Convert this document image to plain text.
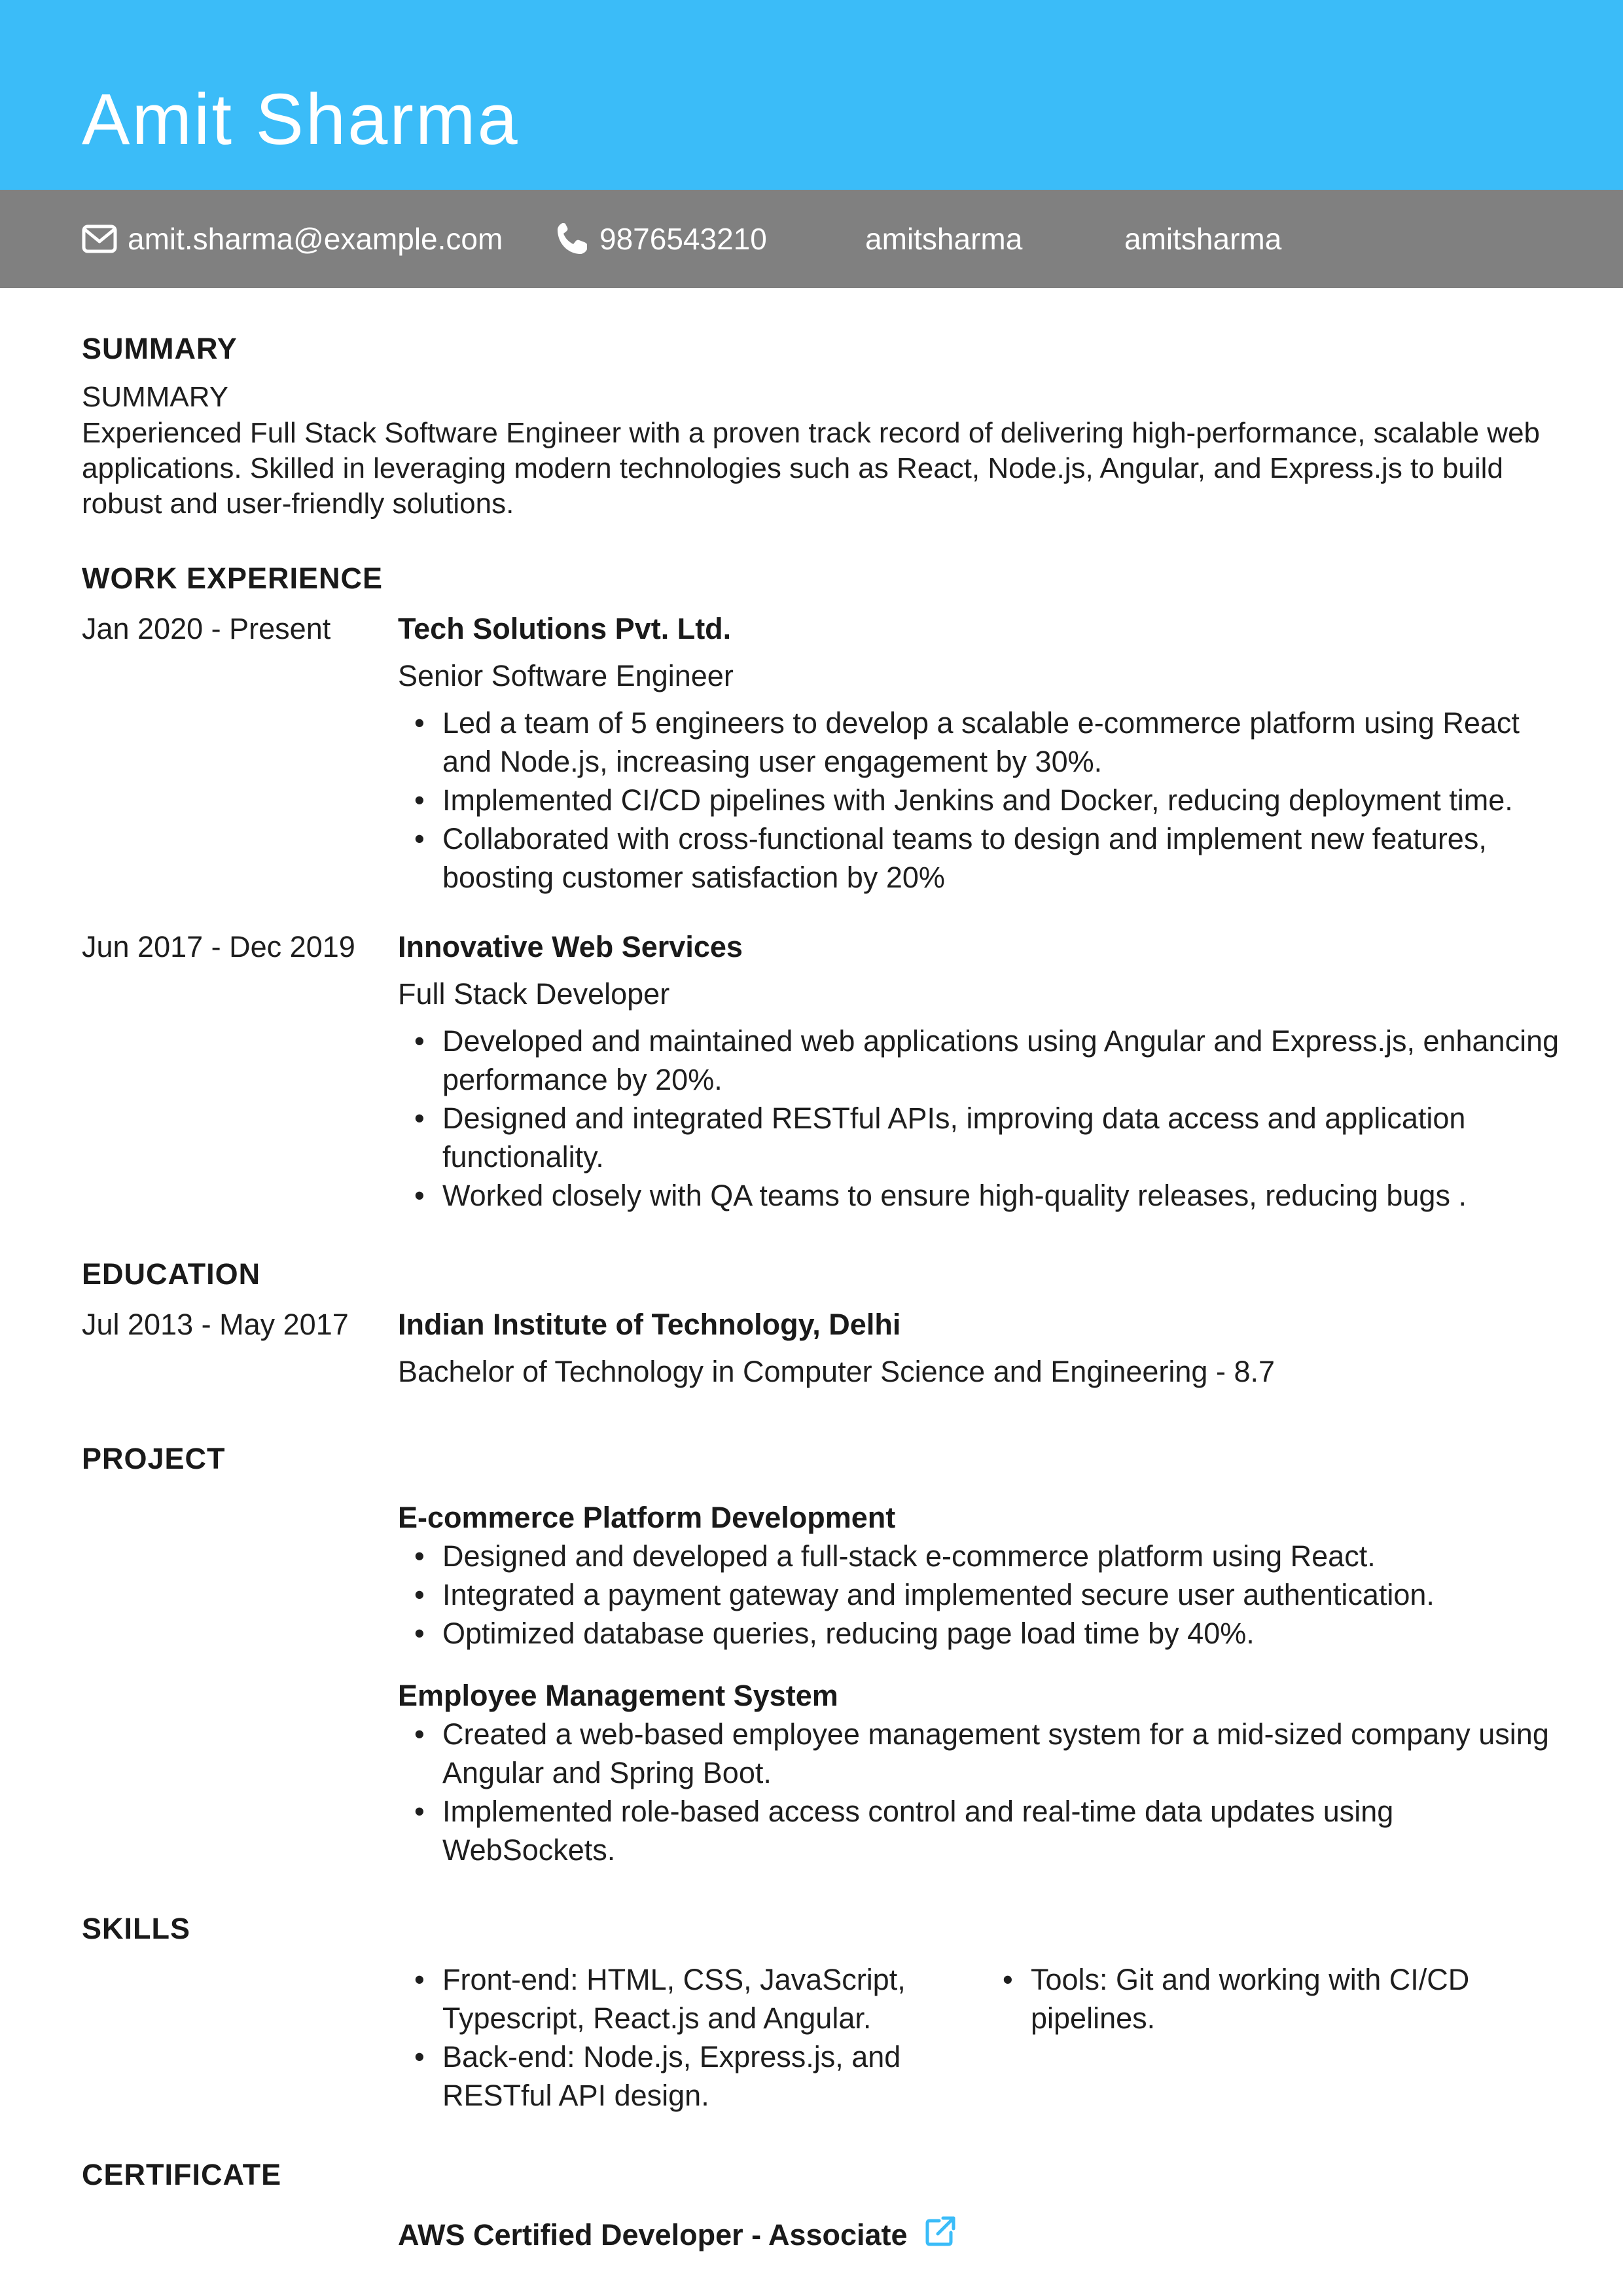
Amit Sharma
amit.sharma@example.com	9876543210	amitsharma	amitsharma
SUMMARY
SUMMARY
Experienced Full Stack Software Engineer with a proven track record of delivering high-performance, scalable web applications. Skilled in leveraging modern technologies such as React, Node.js, Angular, and Express.js to build robust and user-friendly solutions.
WORK EXPERIENCE
Jan 2020 - Present Tech Solutions Pvt. Ltd.
Senior Software Engineer
• Led a team of 5 engineers to develop a scalable e-commerce platform using React and Node.js, increasing user engagement by 30%.
• Implemented CI/CD pipelines with Jenkins and Docker, reducing deployment time.
• Collaborated with cross-functional teams to design and implement new features, boosting customer satisfaction by 20%
Jun 2017 - Dec 2019 Innovative Web Services
Full Stack Developer
• Developed and maintained web applications using Angular and Express.js, enhancing performance by 20%.
• Designed and integrated RESTful APIs, improving data access and application functionality.
• Worked closely with QA teams to ensure high-quality releases, reducing bugs .
EDUCATION
Jul 2013 - May 2017 Indian Institute of Technology, Delhi
Bachelor of Technology in Computer Science and Engineering - 8.7
PROJECT
E-commerce Platform Development
• Designed and developed a full-stack e-commerce platform using React.
• Integrated a payment gateway and implemented secure user authentication.
• Optimized database queries, reducing page load time by 40%.
Employee Management System
• Created a web-based employee management system for a mid-sized company using Angular and Spring Boot.
• Implemented role-based access control and real-time data updates using WebSockets.
SKILLS
• Front-end: HTML, CSS, JavaScript, Typescript, React.js and Angular.
• Back-end: Node.js, Express.js, and RESTful API design.
• Tools: Git and working with CI/CD pipelines.
CERTIFICATE
AWS Certified Developer - Associate
